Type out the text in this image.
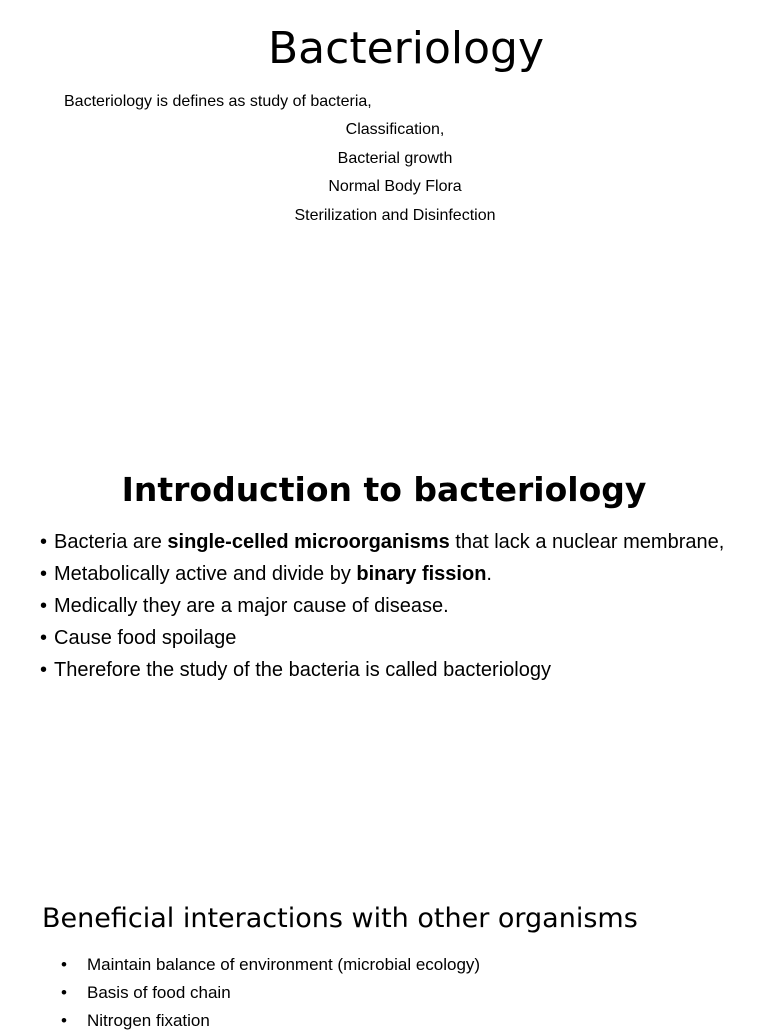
Bacteriology
Bacteriology is defines as study of bacteria,
Classification,
Bacterial growth
Normal Body Flora
Sterilization and Disinfection
Introduction to bacteriology
• Bacteria are single-celled microorganisms that lack a nuclear membrane,
• Metabolically active and divide by binary fission.
• Medically they are a major cause of disease.
• Cause food spoilage
• Therefore the study of the bacteria is called bacteriology
Beneficial interactions with other organisms
• Maintain balance of environment (microbial ecology)
• Basis of food chain
• Nitrogen fixation
